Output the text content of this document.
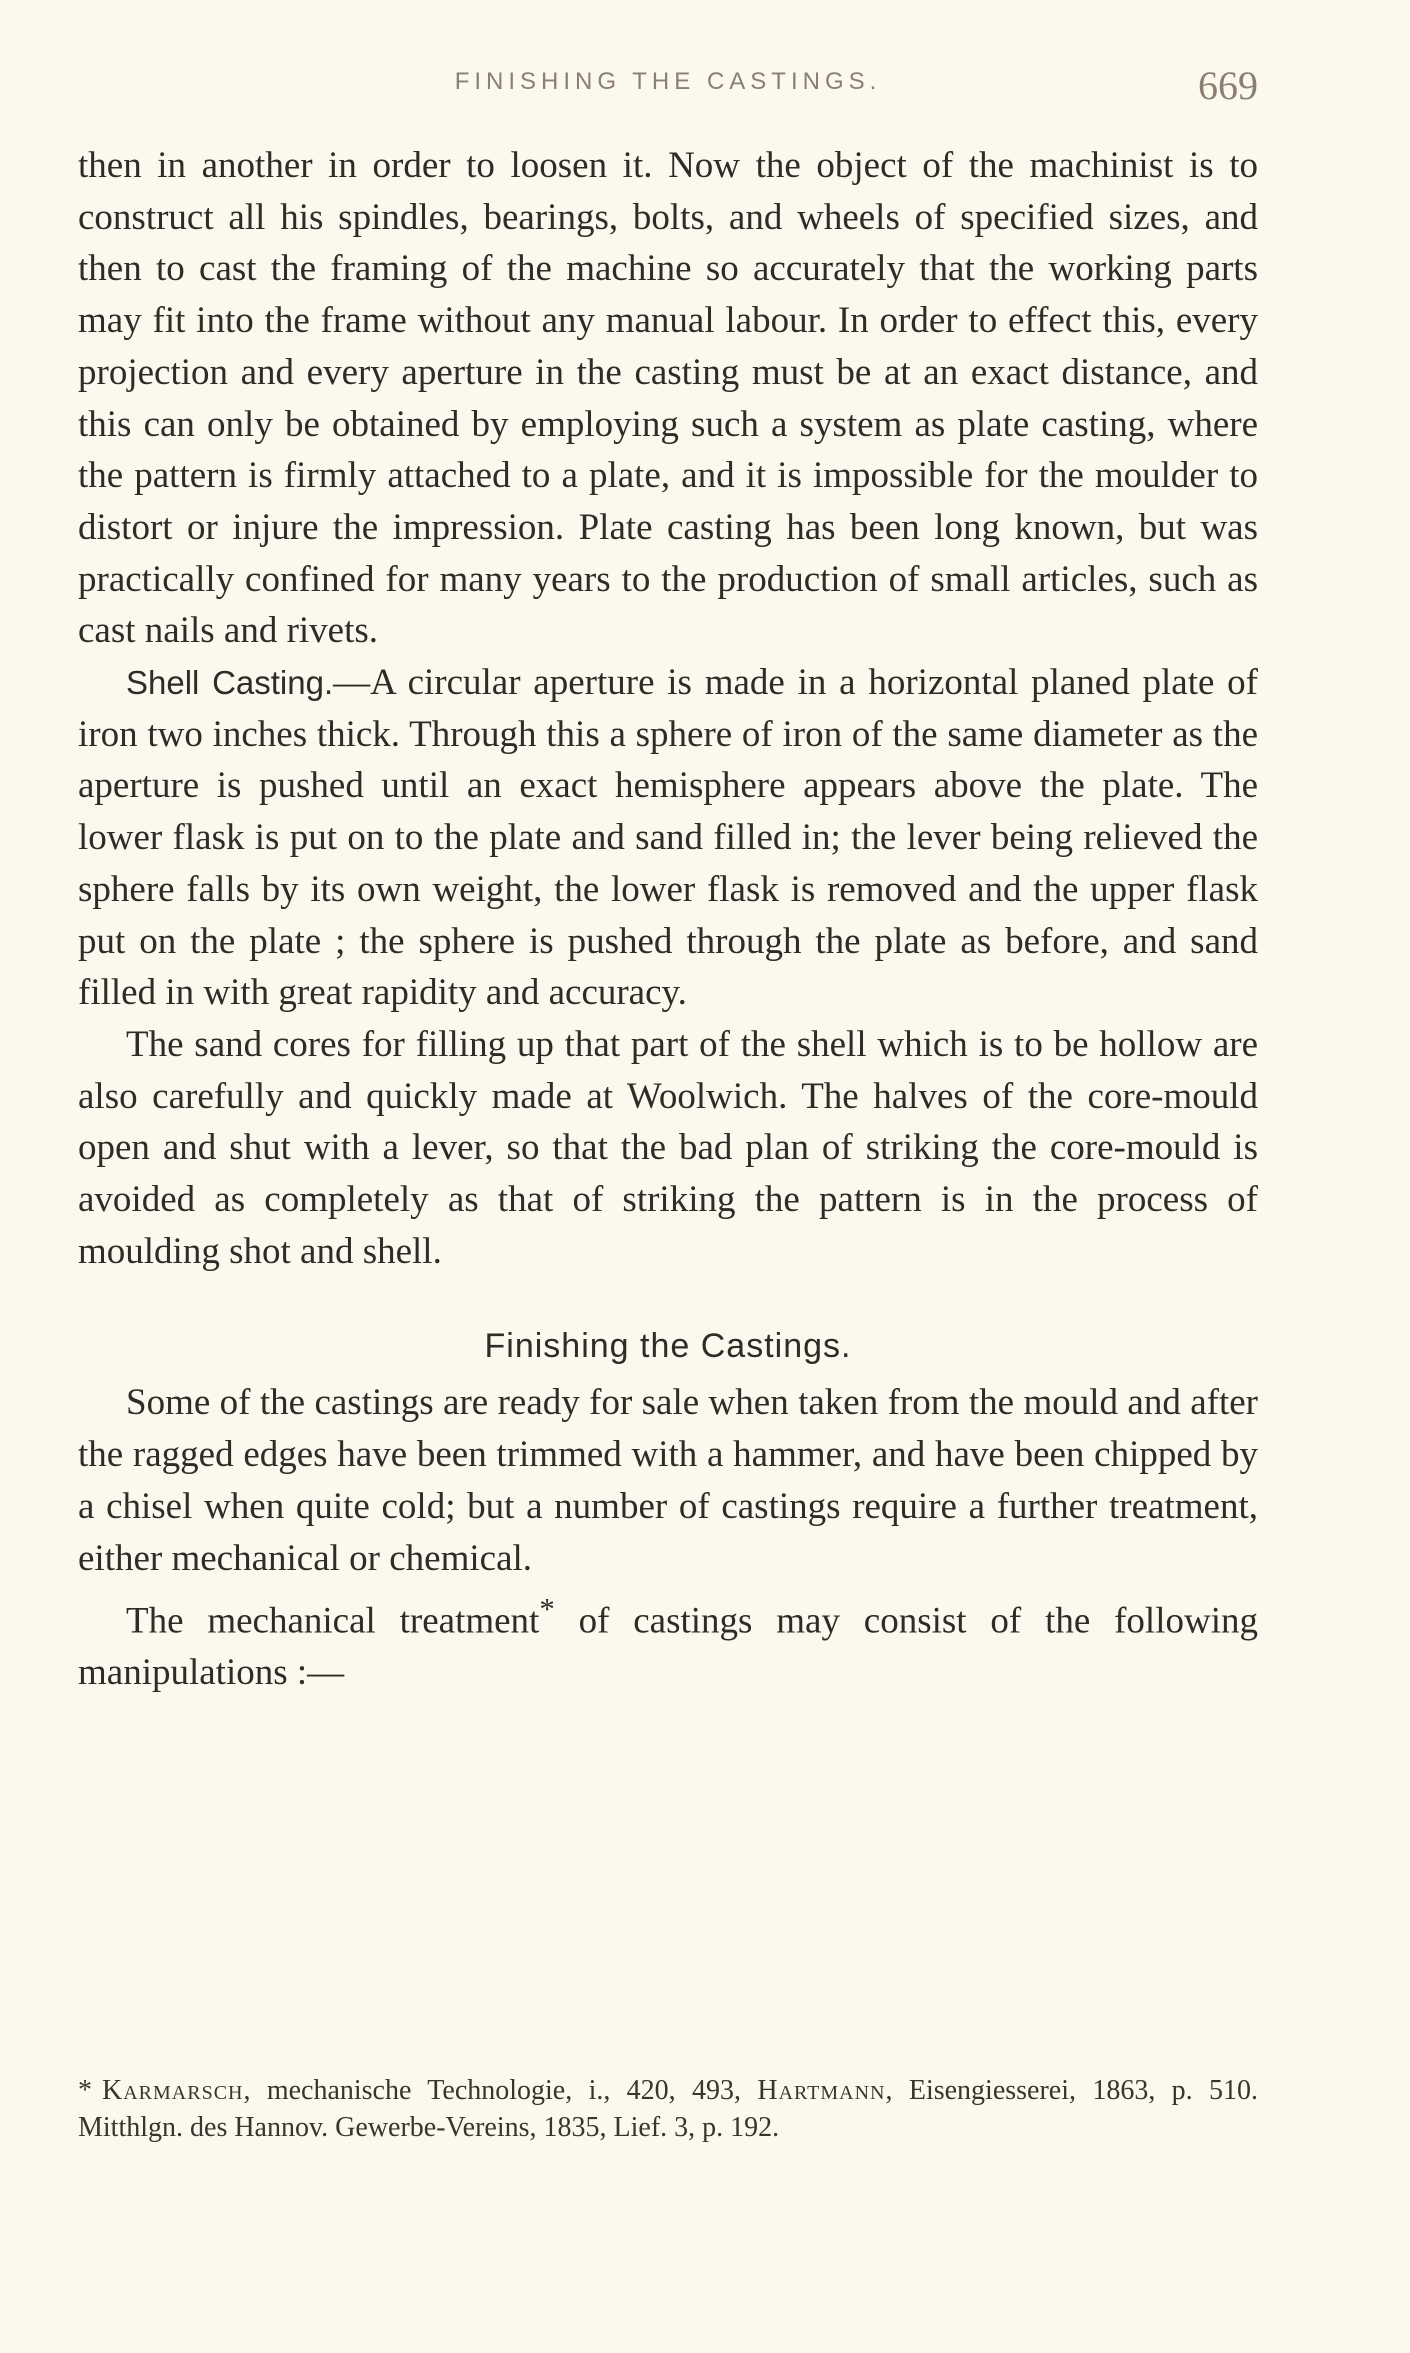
FINISHING THE CASTINGS.	669

then in another in order to loosen it. Now the object of the machinist is to construct all his spindles, bearings, bolts, and wheels of specified sizes, and then to cast the framing of the machine so accurately that the working parts may fit into the frame without any manual labour. In order to effect this, every projection and every aperture in the casting must be at an exact distance, and this can only be obtained by employing such a system as plate casting, where the pattern is firmly attached to a plate, and it is impossible for the moulder to distort or injure the impression. Plate casting has been long known, but was practically confined for many years to the production of small articles, such as cast nails and rivets.

Shell Casting.—A circular aperture is made in a horizontal planed plate of iron two inches thick. Through this a sphere of iron of the same diameter as the aperture is pushed until an exact hemisphere appears above the plate. The lower flask is put on to the plate and sand filled in; the lever being relieved the sphere falls by its own weight, the lower flask is removed and the upper flask put on the plate ; the sphere is pushed through the plate as before, and sand filled in with great rapidity and accuracy.

The sand cores for filling up that part of the shell which is to be hollow are also carefully and quickly made at Woolwich. The halves of the core-mould open and shut with a lever, so that the bad plan of striking the core-mould is avoided as completely as that of striking the pattern is in the process of moulding shot and shell.

Finishing the Castings.

Some of the castings are ready for sale when taken from the mould and after the ragged edges have been trimmed with a hammer, and have been chipped by a chisel when quite cold; but a number of castings require a further treatment, either mechanical or chemical.

The mechanical treatment* of castings may consist of the following manipulations :—

* Karmarsch, mechanische Technologie, i., 420, 493, Hartmann, Eisengiesserei, 1863, p. 510. Mitthlgn. des Hannov. Gewerbe-Vereins, 1835, Lief. 3, p. 192.
